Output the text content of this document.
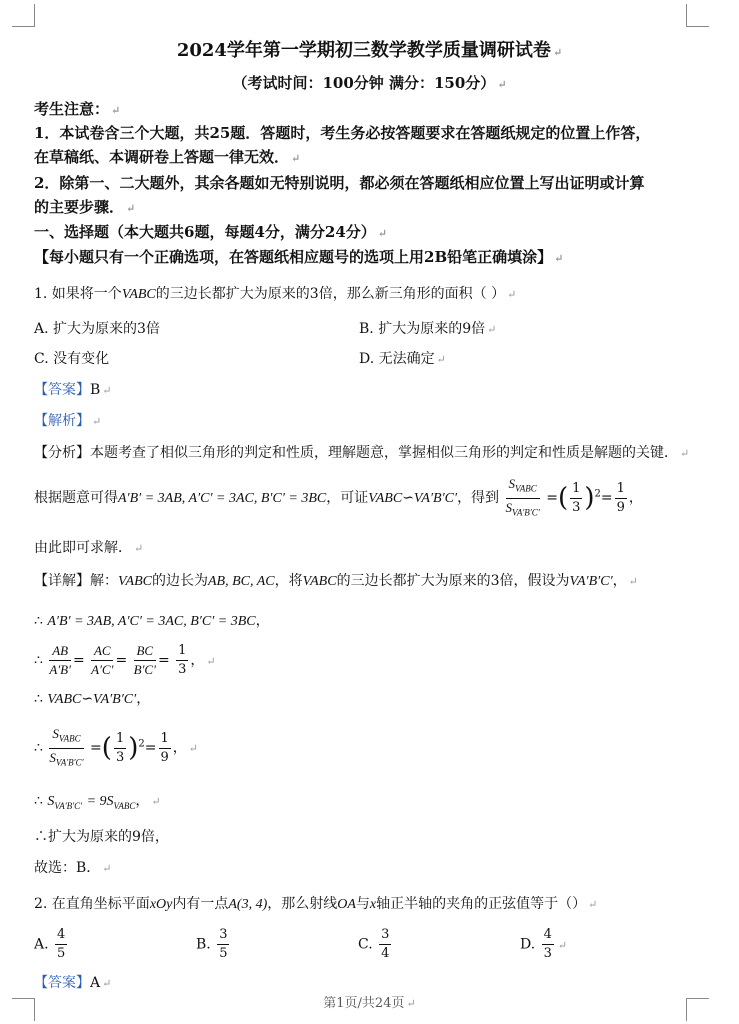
2024学年第一学期初三数学教学质量调研试卷 ↵
（考试时间：100分钟 满分：150分） ↵
考生注意： ↵
1．本试卷含三个大题，共25题．答题时，考生务必按答题要求在答题纸规定的位置上作答，
在草稿纸、本调研卷上答题一律无效． ↵
2．除第一、二大题外，其余各题如无特别说明，都必须在答题纸相应位置上写出证明或计算
的主要步骤． ↵
一、选择题（本大题共6题，每题4分，满分24分） ↵
【每小题只有一个正确选项，在答题纸相应题号的选项上用2B铅笔正确填涂】 ↵
1. 如果将一个VABC的三边长都扩大为原来的3倍，那么新三角形的面积（ ） ↵
A. 扩大为原来的3倍	B. 扩大为原来的9倍 ↵
C. 没有变化	D. 无法确定 ↵
【答案】B ↵
【解析】 ↵
【分析】本题考查了相似三角形的判定和性质，理解题意，掌握相似三角形的判定和性质是解题的关键． ↵
根据题意可得A′B′ = 3AB, A′C′ = 3AC, B′C′ = 3BC，可证VABC∽VA′B′C′，得到 $\frac{S_{VABC}}{S_{VA'B'C'}}$ =( $\frac{1}{3} )^2= \frac{1}{9}$ ，
由此即可求解． ↵
【详解】解：VABC的边长为AB, BC, AC，将VABC的三边长都扩大为原来的3倍，假设为VA′B′C′， ↵
∴ A′B′ = 3AB, A′C′ = 3AC, B′C′ = 3BC，
∴ $\frac{AB}{A'B'} = \frac{AC}{A'C'} = \frac{BC}{B'C'} = \frac{1}{3}$ ， ↵
∴ VABC∽VA′B′C′，
∴ $\frac{S_{VABC}}{S_{VA'B'C'}}$ =( $\frac{1}{3} )^2= \frac{1}{9}$ ， ↵
∴ $S_{VA'B'C'} = 9S_{VABC}$， ↵
∴扩大为原来的9倍，
故选：B． ↵
2. 在直角坐标平面xOy内有一点A(3, 4)，那么射线OA与x轴正半轴的夹角的正弦值等于（） ↵
A. $\frac{4}{5}$	B. $\frac{3}{5}$	C. $\frac{3}{4}$	D. $\frac{4}{3}$ ↵
【答案】A ↵
第1页/共24页 ↵
